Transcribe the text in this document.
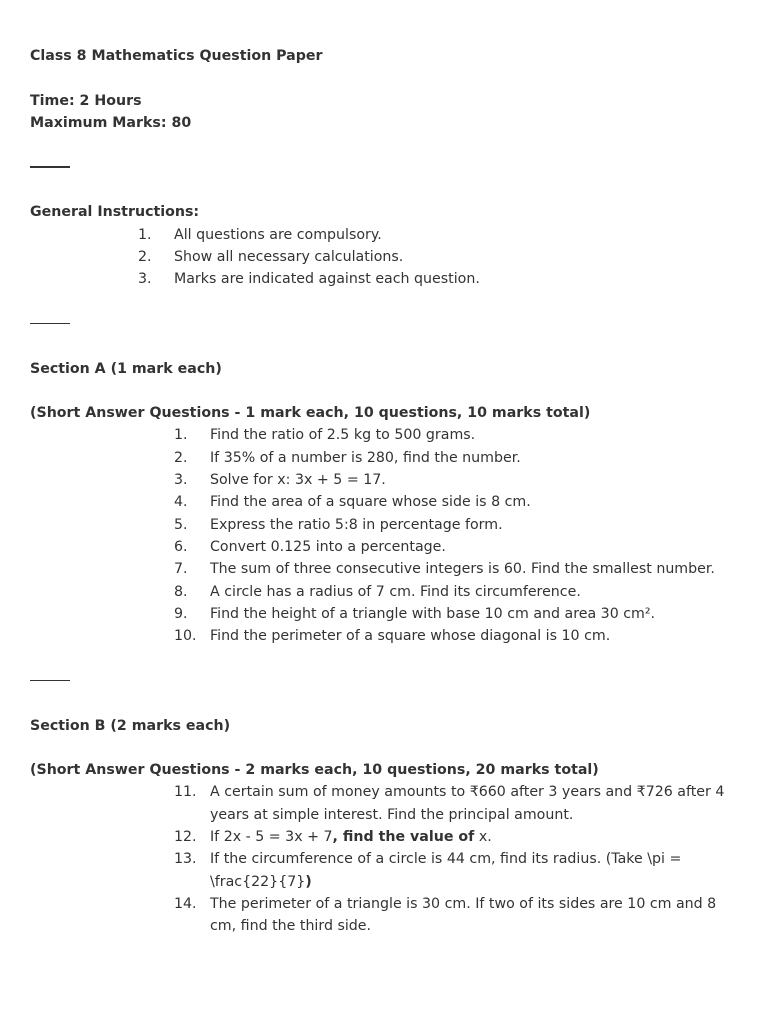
Class 8 Mathematics Question Paper
Time: 2 Hours
Maximum Marks: 80
General Instructions:
1. All questions are compulsory.
2. Show all necessary calculations.
3. Marks are indicated against each question.
Section A (1 mark each)
(Short Answer Questions - 1 mark each, 10 questions, 10 marks total)
1. Find the ratio of 2.5 kg to 500 grams.
2. If 35% of a number is 280, find the number.
3. Solve for x: 3x + 5 = 17.
4. Find the area of a square whose side is 8 cm.
5. Express the ratio 5:8 in percentage form.
6. Convert 0.125 into a percentage.
7. The sum of three consecutive integers is 60. Find the smallest number.
8. A circle has a radius of 7 cm. Find its circumference.
9. Find the height of a triangle with base 10 cm and area 30 cm².
10. Find the perimeter of a square whose diagonal is 10 cm.
Section B (2 marks each)
(Short Answer Questions - 2 marks each, 10 questions, 20 marks total)
11. A certain sum of money amounts to ₹660 after 3 years and ₹726 after 4 years at simple interest. Find the principal amount.
12. If 2x - 5 = 3x + 7, find the value of x.
13. If the circumference of a circle is 44 cm, find its radius. (Take \pi = \frac{22}{7})
14. The perimeter of a triangle is 30 cm. If two of its sides are 10 cm and 8 cm, find the third side.
